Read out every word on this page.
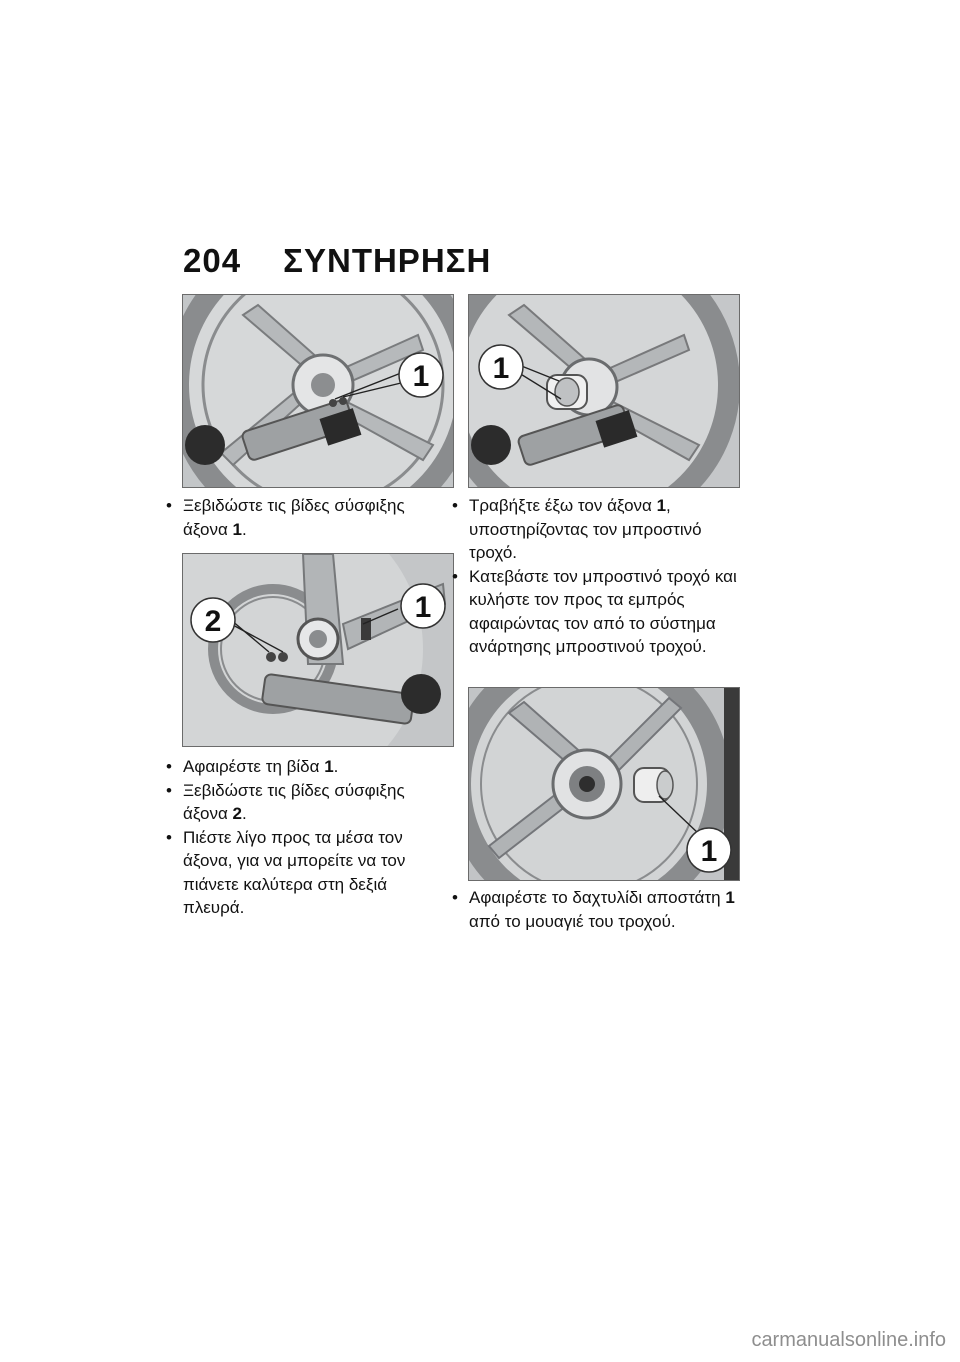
204 ΣΥΝΤΗΡΗΣΗ
1 1
• Ξεβιδώστε τις βίδες σύσφιξης άξονα 1.
2	1
• Τραβήξτε έξω τον άξονα 1, υποστηρίζοντας τον μπροστινό τροχό.
• Κατεβάστε τον μπροστινό τροχό και κυλήστε τον προς τα εμπρός αφαιρώντας τον από το σύστημα ανάρτησης μπροστινού τροχού.
• Αφαιρέστε τη βίδα 1.
• Ξεβιδώστε τις βίδες σύσφιξης άξονα 2.
• Πιέστε λίγο προς τα μέσα τον άξονα, για να μπορείτε να τον πιάνετε καλύτερα στη δεξιά πλευρά.
1
• Αφαιρέστε το δαχτυλίδι αποστάτη 1 από το μουαγιέ του τροχού.
carmanualsonline.info
